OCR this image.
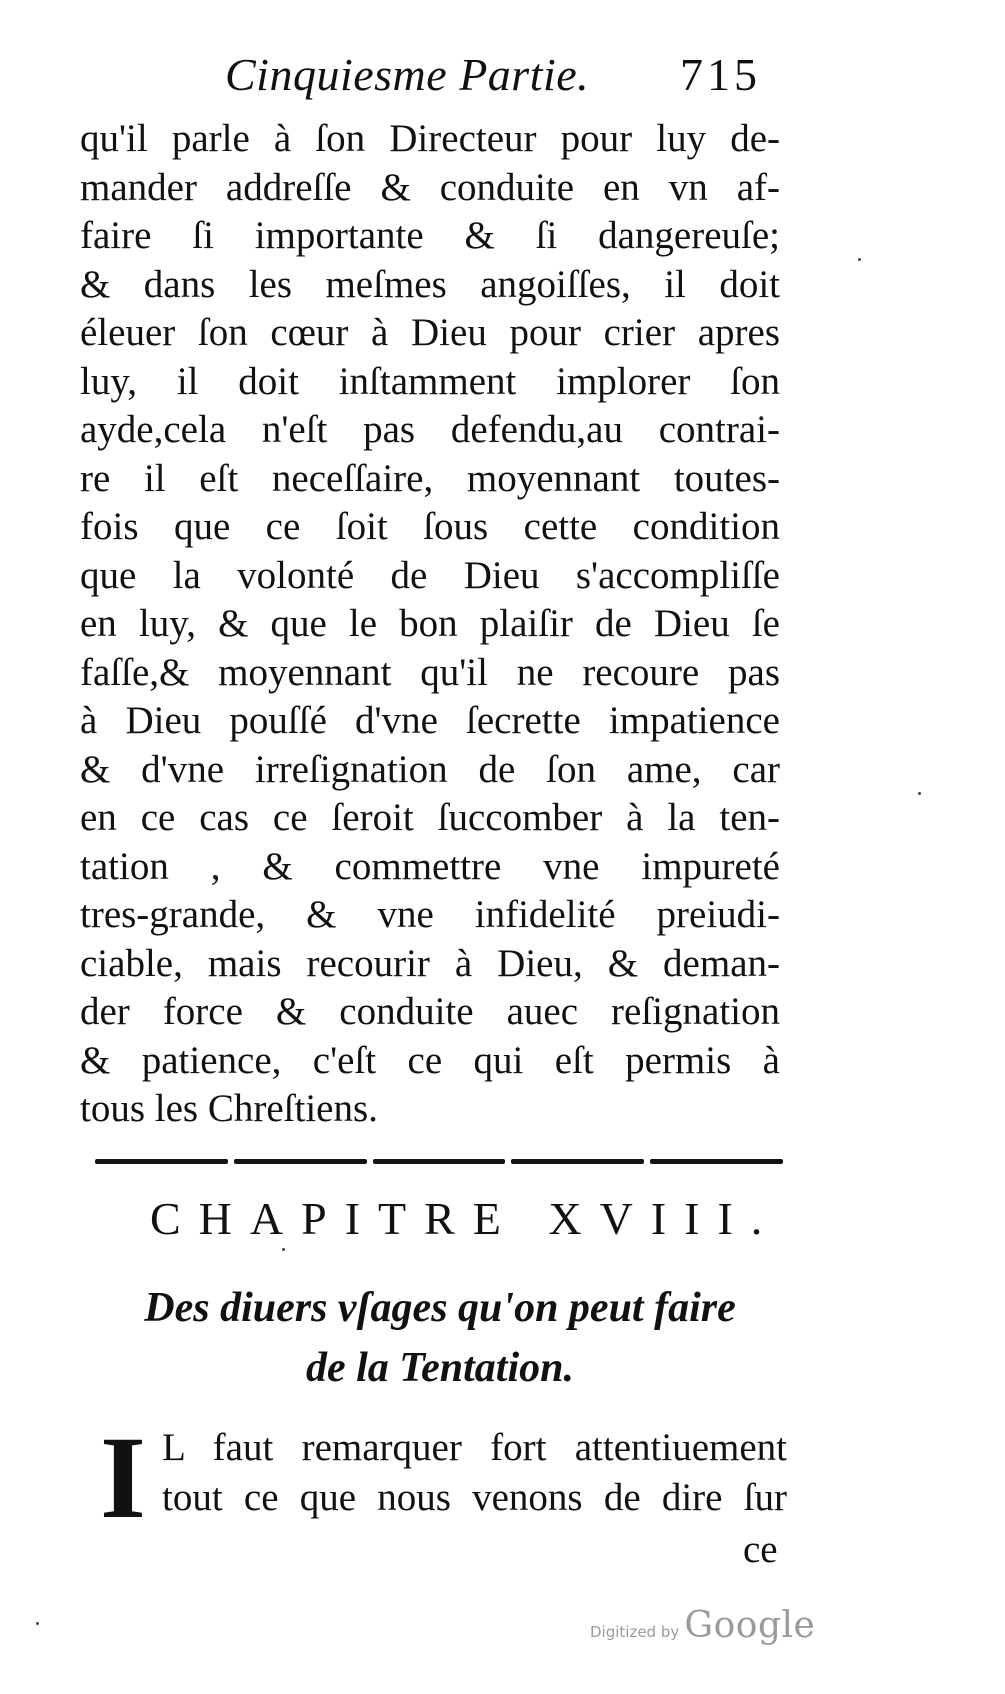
Cinquiesme Partie. 715
qu'il parle à ſon Directeur pour luy de-
mander addreſſe & conduite en vn af-
faire ſi importante & ſi dangereuſe;
& dans les meſmes angoiſſes, il doit
éleuer ſon cœur à Dieu pour crier apres
luy, il doit inſtamment implorer ſon
ayde,cela n'eſt pas defendu,au contrai-
re il eſt neceſſaire, moyennant toutes-
fois que ce ſoit ſous cette condition
que la volonté de Dieu s'accompliſſe
en luy, & que le bon plaiſir de Dieu ſe
faſſe,& moyennant qu'il ne recoure pas
à Dieu pouſſé d'vne ſecrette impatience
& d'vne irreſignation de ſon ame, car
en ce cas ce ſeroit ſuccomber à la ten-
tation , & commettre vne impureté
tres-grande, & vne infidelité preiudi-
ciable, mais recourir à Dieu, & deman-
der force & conduite auec reſignation
& patience, c'eſt ce qui eſt permis à
tous les Chreſtiens.
CHAPITRE XVIII.
Des diuers vſages qu'on peut faire
de la Tentation.
I L faut remarquer fort attentiuement
tout ce que nous venons de dire ſur
ce
Digitized by Google
